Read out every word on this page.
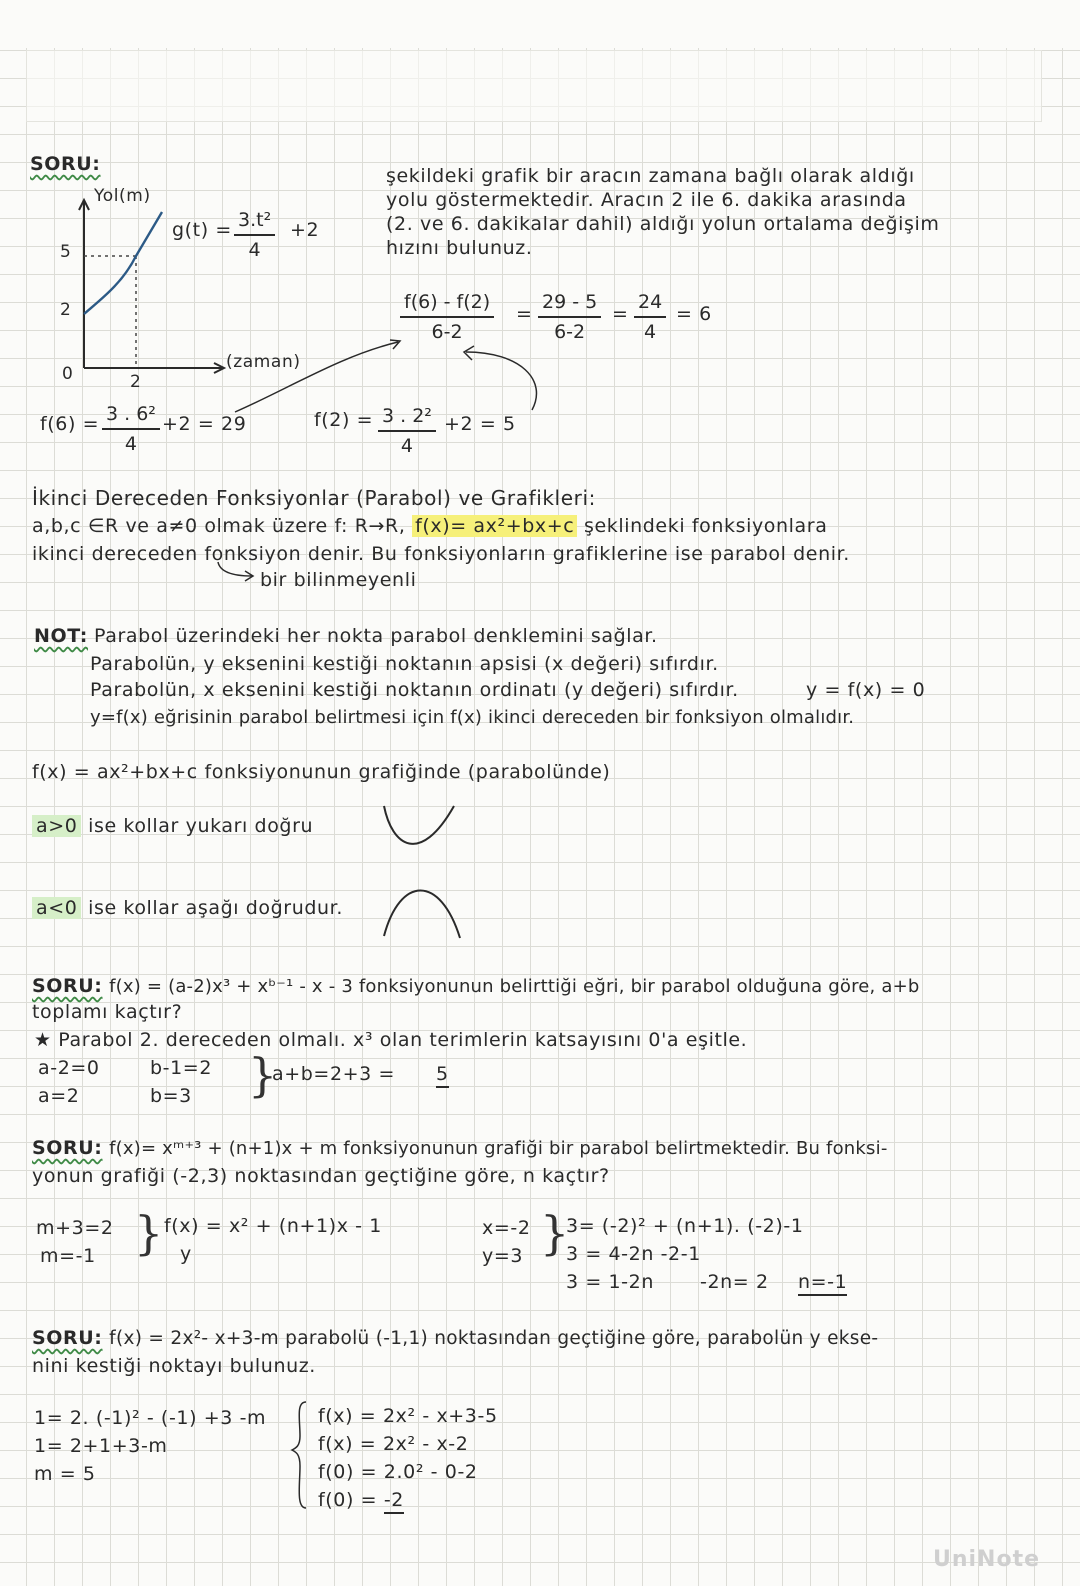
SORU:
Yol(m)
(zaman)
5
2
0	2
$g(t) = \frac{\text{3.t²}}{4} +2$
şekildeki grafik bir aracın zamana bağlı olarak aldığı
yolu göstermektedir. Aracın 2 ile 6. dakika arasında
(2. ve 6. dakikalar dahil) aldığı yolun ortalama değişim
hızını bulunuz.
$\frac{f(6) - f(2)}{6-2} = \frac{29 - 5}{6-2} = \frac{24}{4} = 6$
$f(6) = \frac{\text{3 . 6²}}{4} +2 = 29$	$f(2) = \frac{\text{3 . 2²}}{4} +2 = 5$
İkinci Dereceden Fonksiyonlar (Parabol) ve Grafikleri:
a,b,c ∈R ve a≠0 olmak üzere f: R→R, f(x)= ax²+bx+c şeklindeki fonksiyonlara
ikinci dereceden fonksiyon denir. Bu fonksiyonların grafiklerine ise parabol denir.
bir bilinmeyenli
NOT: Parabol üzerindeki her nokta parabol denklemini sağlar.
Parabolün, y eksenini kestiği noktanın apsisi (x değeri) sıfırdır.
Parabolün, x eksenini kestiği noktanın ordinatı (y değeri) sıfırdır.	y = f(x) = 0
y=f(x) eğrisinin parabol belirtmesi için f(x) ikinci dereceden bir fonksiyon olmalıdır.
f(x) = ax²+bx+c fonksiyonunun grafiğinde (parabolünde)
a>0 ise kollar yukarı doğru
a<0 ise kollar aşağı doğrudur.
SORU: f(x) = (a-2)x³ + xᵇ⁻¹ - x - 3 fonksiyonunun belirttiği eğri, bir parabol olduğuna göre, a+b
toplamı kaçtır?
★ Parabol 2. dereceden olmalı. x³ olan terimlerin katsayısını 0'a eşitle.
a-2=0
a=2
b-1=2
b=3 }
a+b=2+3 = 5
SORU: f(x)= xᵐ⁺³ + (n+1)x + m fonksiyonunun grafiği bir parabol belirtmektedir. Bu fonksi-
yonun grafiği (-2,3) noktasından geçtiğine göre, n kaçtır?
m+3=2
m=-1 } f(x) = x² + (n+1)x - 1
y
x=-2
y=3 }
3= (-2)² + (n+1). (-2)-1
3 = 4-2n -2-1
3 = 1-2n -2n= 2 n=-1
SORU: f(x) = 2x²- x+3-m parabolü (-1,1) noktasından geçtiğine göre, parabolün y ekse-
nini kestiği noktayı bulunuz.
1= 2. (-1)² - (-1) +3 -m
1= 2+1+3-m
m = 5
f(x) = 2x² - x+3-5
f(x) = 2x² - x-2
f(0) = 2.0² - 0-2
f(0) = -2
UniNote
